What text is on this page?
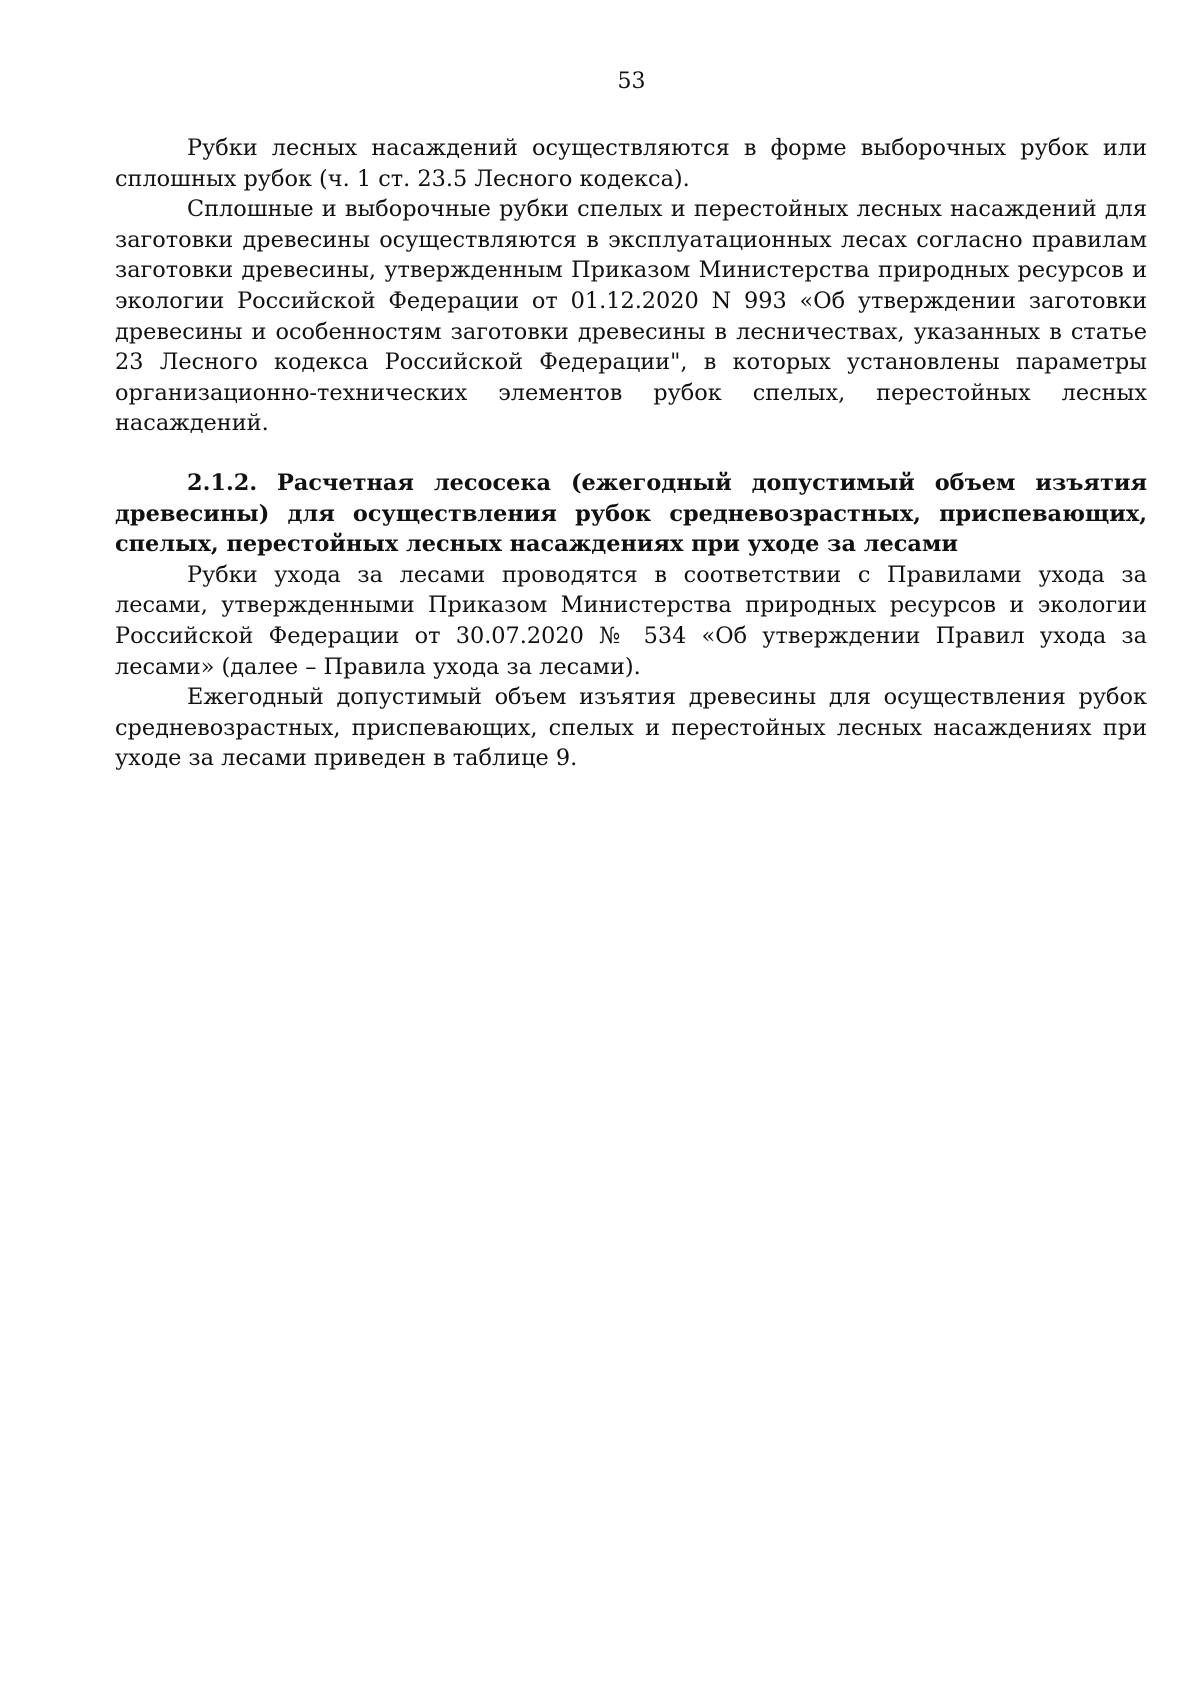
53

Рубки лесных насаждений осуществляются в форме выборочных рубок или сплошных рубок (ч. 1 ст. 23.5 Лесного кодекса).

Сплошные и выборочные рубки спелых и перестойных лесных насаждений для заготовки древесины осуществляются в эксплуатационных лесах согласно правилам заготовки древесины, утвержденным Приказом Министерства природных ресурсов и экологии Российской Федерации от 01.12.2020 N 993 «Об утверждении заготовки древесины и особенностям заготовки древесины в лесничествах, указанных в статье 23 Лесного кодекса Российской Федерации", в которых установлены параметры организационно-технических элементов рубок спелых, перестойных лесных насаждений.

2.1.2. Расчетная лесосека (ежегодный допустимый объем изъятия древесины) для осуществления рубок средневозрастных, приспевающих, спелых, перестойных лесных насаждениях при уходе за лесами

Рубки ухода за лесами проводятся в соответствии с Правилами ухода за лесами, утвержденными Приказом Министерства природных ресурсов и экологии Российской Федерации от 30.07.2020 № 534 «Об утверждении Правил ухода за лесами» (далее – Правила ухода за лесами).

Ежегодный допустимый объем изъятия древесины для осуществления рубок средневозрастных, приспевающих, спелых и перестойных лесных насаждениях при уходе за лесами приведен в таблице 9.
